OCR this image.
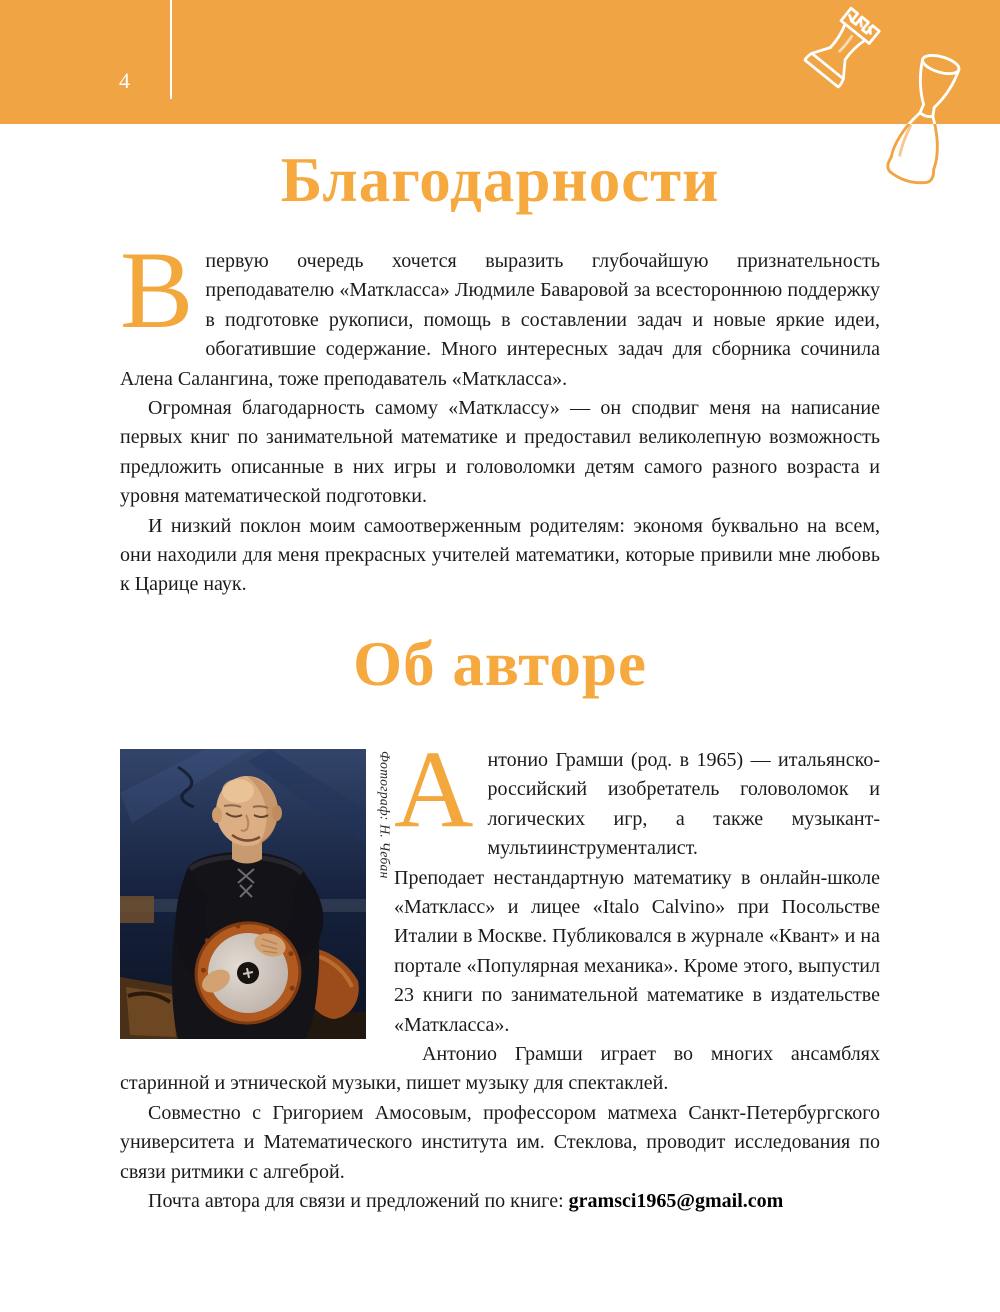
4
Благодарности

Впервую очередь хочется выразить глубочайшую признательность преподавателю «Маткласса» Людмиле Баваровой за всестороннюю поддержку в подготовке рукописи, помощь в составлении задач и новые яркие идеи, обогатившие содержание. Много интересных задач для сборника сочинила Алена Салангина, тоже преподаватель «Маткласса».

Огромная благодарность самому «Матклассу» — он сподвиг меня на написание первых книг по занимательной математике и предоставил великолепную возможность предложить описанные в них игры и головоломки детям самого разного возраста и уровня математической подготовки.

И низкий поклон моим самоотверженным родителям: экономя буквально на всем, они находили для меня прекрасных учителей математики, которые привили мне любовь к Царице наук.

Об авторе
Фотограф: Н. Чебан Антонио Грамши (род. в 1965) — итальянско-российский изобретатель головоломок и логических игр, а также музыкант-мультиинструменталист.

Преподает нестандартную математику в онлайн-школе «Маткласс» и лицее «Italo Calvino» при Посольстве Италии в Москве. Публиковался в журнале «Квант» и на портале «Популярная механика». Кроме этого, выпустил 23 книги по занимательной математике в издательстве «Маткласса».

Антонио Грамши играет во многих ансамблях старинной и этнической музыки, пишет музыку для спектаклей.

Совместно с Григорием Амосовым, профессором матмеха Санкт-Петербургского университета и Математического института им. Стеклова, проводит исследования по связи ритмики с алгеброй.

Почта автора для связи и предложений по книге: gramsci1965@gmail.com
